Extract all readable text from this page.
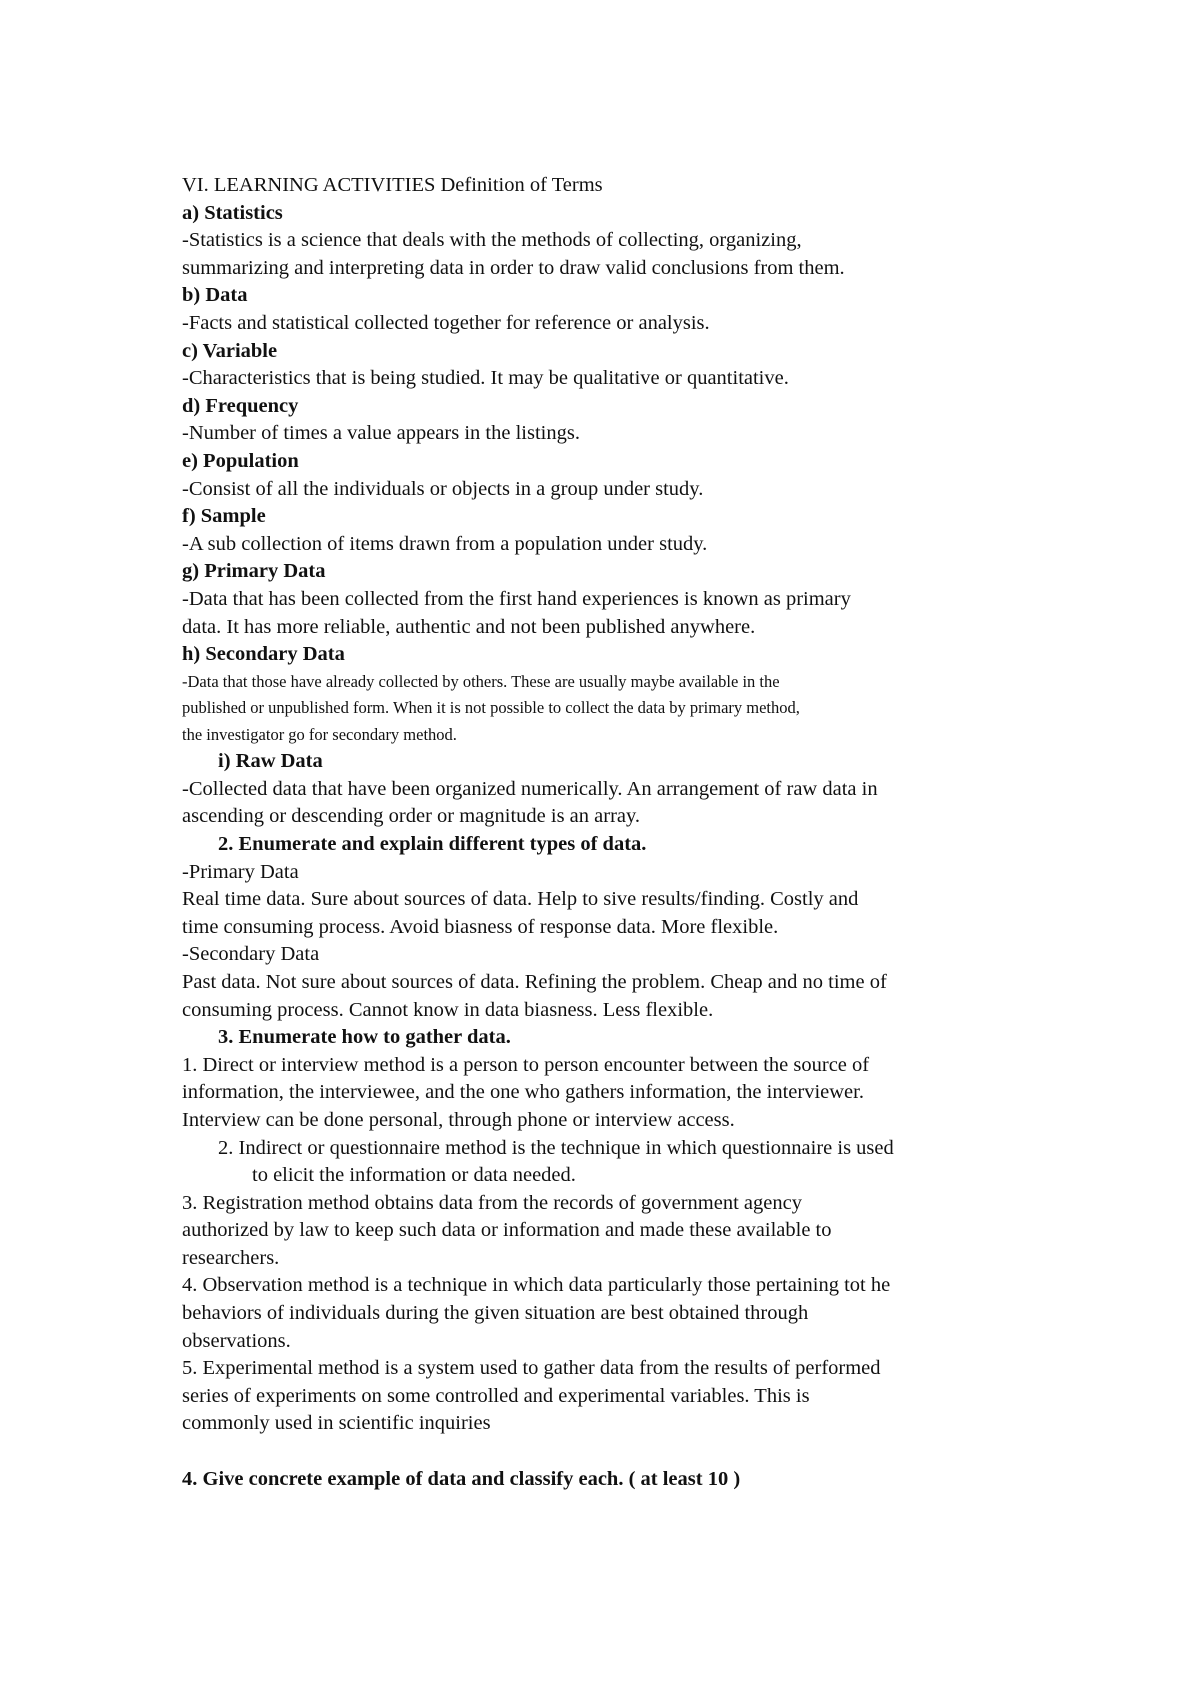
VI. LEARNING ACTIVITIES Definition of Terms
a) Statistics
-Statistics is a science that deals with the methods of collecting, organizing,
summarizing and interpreting data in order to draw valid conclusions from them.
b) Data
-Facts and statistical collected together for reference or analysis.
c) Variable
-Characteristics that is being studied. It may be qualitative or quantitative.
d) Frequency
-Number of times a value appears in the listings.
e) Population
-Consist of all the individuals or objects in a group under study.
f) Sample
-A sub collection of items drawn from a population under study.
g) Primary Data
-Data that has been collected from the first hand experiences is known as primary
data. It has more reliable, authentic and not been published anywhere.
h) Secondary Data
-Data that those have already collected by others. These are usually maybe available in the
published or unpublished form. When it is not possible to collect the data by primary method,
the investigator go for secondary method.
i) Raw Data
-Collected data that have been organized numerically. An arrangement of raw data in
ascending or descending order or magnitude is an array.
2. Enumerate and explain different types of data.
-Primary Data
Real time data. Sure about sources of data. Help to sive results/finding. Costly and
time consuming process. Avoid biasness of response data. More flexible.
-Secondary Data
Past data. Not sure about sources of data. Refining the problem. Cheap and no time of
consuming process. Cannot know in data biasness. Less flexible.
3. Enumerate how to gather data.
1. Direct or interview method is a person to person encounter between the source of
information, the interviewee, and the one who gathers information, the interviewer.
Interview can be done personal, through phone or interview access.
2. Indirect or questionnaire method is the technique in which questionnaire is used
to elicit the information or data needed.
3. Registration method obtains data from the records of government agency
authorized by law to keep such data or information and made these available to
researchers.
4. Observation method is a technique in which data particularly those pertaining tot he
behaviors of individuals during the given situation are best obtained through
observations.
5. Experimental method is a system used to gather data from the results of performed
series of experiments on some controlled and experimental variables. This is
commonly used in scientific inquiries
4. Give concrete example of data and classify each. ( at least 10 )
